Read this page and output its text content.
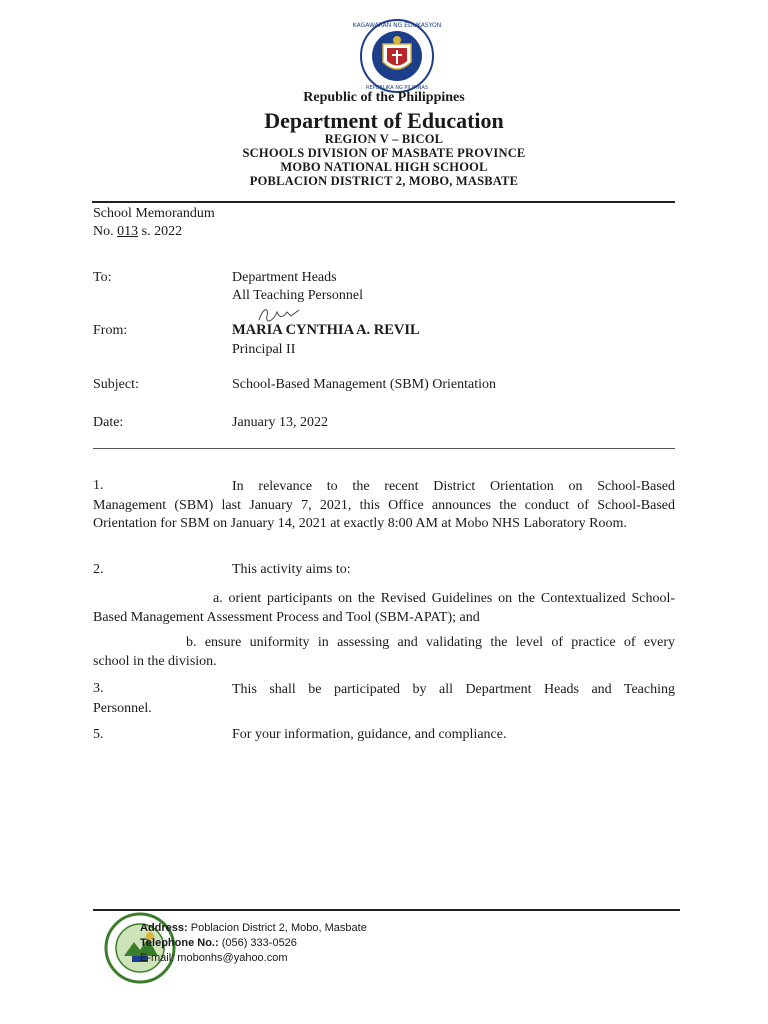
KAGAWARAN NG EDUKASYON
REPUBLIKA NG PILIPINAS
Republic of the Philippines
Department of Education
REGION V – BICOL
SCHOOLS DIVISION OF MASBATE PROVINCE
MOBO NATIONAL HIGH SCHOOL
POBLACION DISTRICT 2, MOBO, MASBATE
School Memorandum
No. 013 s. 2022
To:	Department Heads
All Teaching Personnel
From:	MARIA CYNTHIA A. REVIL
Principal II
Subject:	School-Based Management (SBM) Orientation
Date:	January 13, 2022
1.	In relevance to the recent District Orientation on School-Based
Management (SBM) last January 7, 2021, this Office announces the conduct of School-Based Orientation for SBM on January 14, 2021 at exactly 8:00 AM at Mobo NHS Laboratory Room.
2.	This activity aims to:
a. orient participants on the Revised Guidelines on the Contextualized School-
Based Management Assessment Process and Tool (SBM-APAT); and
b. ensure uniformity in assessing and validating the level of practice of every
school in the division.
3.	This shall be participated by all Department Heads and Teaching
Personnel.
5.	For your information, guidance, and compliance.
Address: Poblacion District 2, Mobo, Masbate
Telephone No.: (056) 333-0526
E-mail: mobonhs@yahoo.com
